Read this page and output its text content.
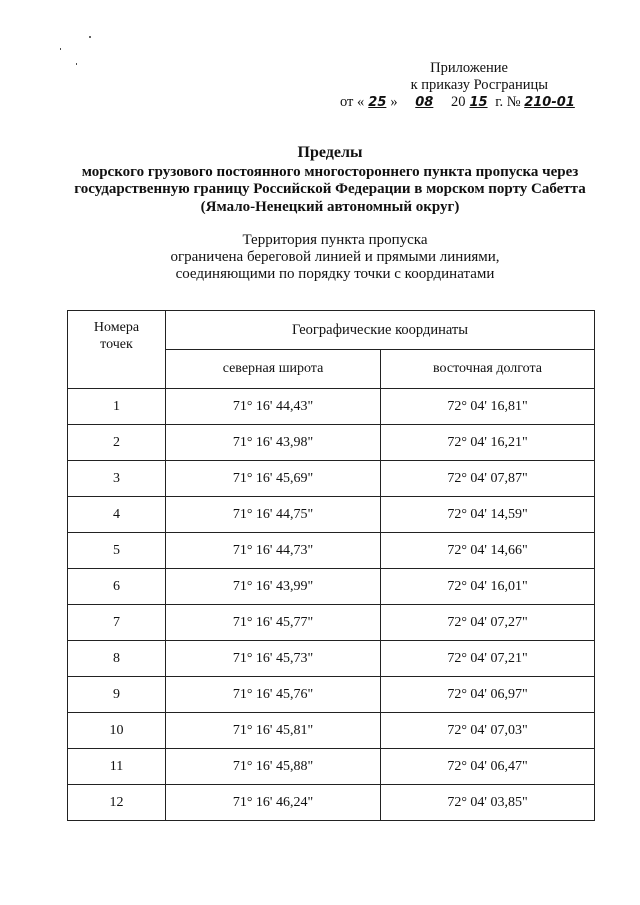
Приложение
к приказу Росграницы
от « 25 » 08 20 15 г. № 210-01
Пределы
морского грузового постоянного многостороннего пункта пропуска через
государственную границу Российской Федерации в морском порту Сабетта
(Ямало-Ненецкий автономный округ)
Территория пункта пропуска
ограничена береговой линией и прямыми линиями,
соединяющими по порядку точки с координатами
Номера
точек	Географические координаты	
	северная широта	восточная долгота
1	71° 16' 44,43"	72° 04' 16,81"
2	71° 16' 43,98"	72° 04' 16,21"
3	71° 16' 45,69"	72° 04' 07,87"
4	71° 16' 44,75"	72° 04' 14,59"
5	71° 16' 44,73"	72° 04' 14,66"
6	71° 16' 43,99"	72° 04' 16,01"
7	71° 16' 45,77"	72° 04' 07,27"
8	71° 16' 45,73"	72° 04' 07,21"
9	71° 16' 45,76"	72° 04' 06,97"
10	71° 16' 45,81"	72° 04' 07,03"
11	71° 16' 45,88"	72° 04' 06,47"
12	71° 16' 46,24"	72° 04' 03,85"
